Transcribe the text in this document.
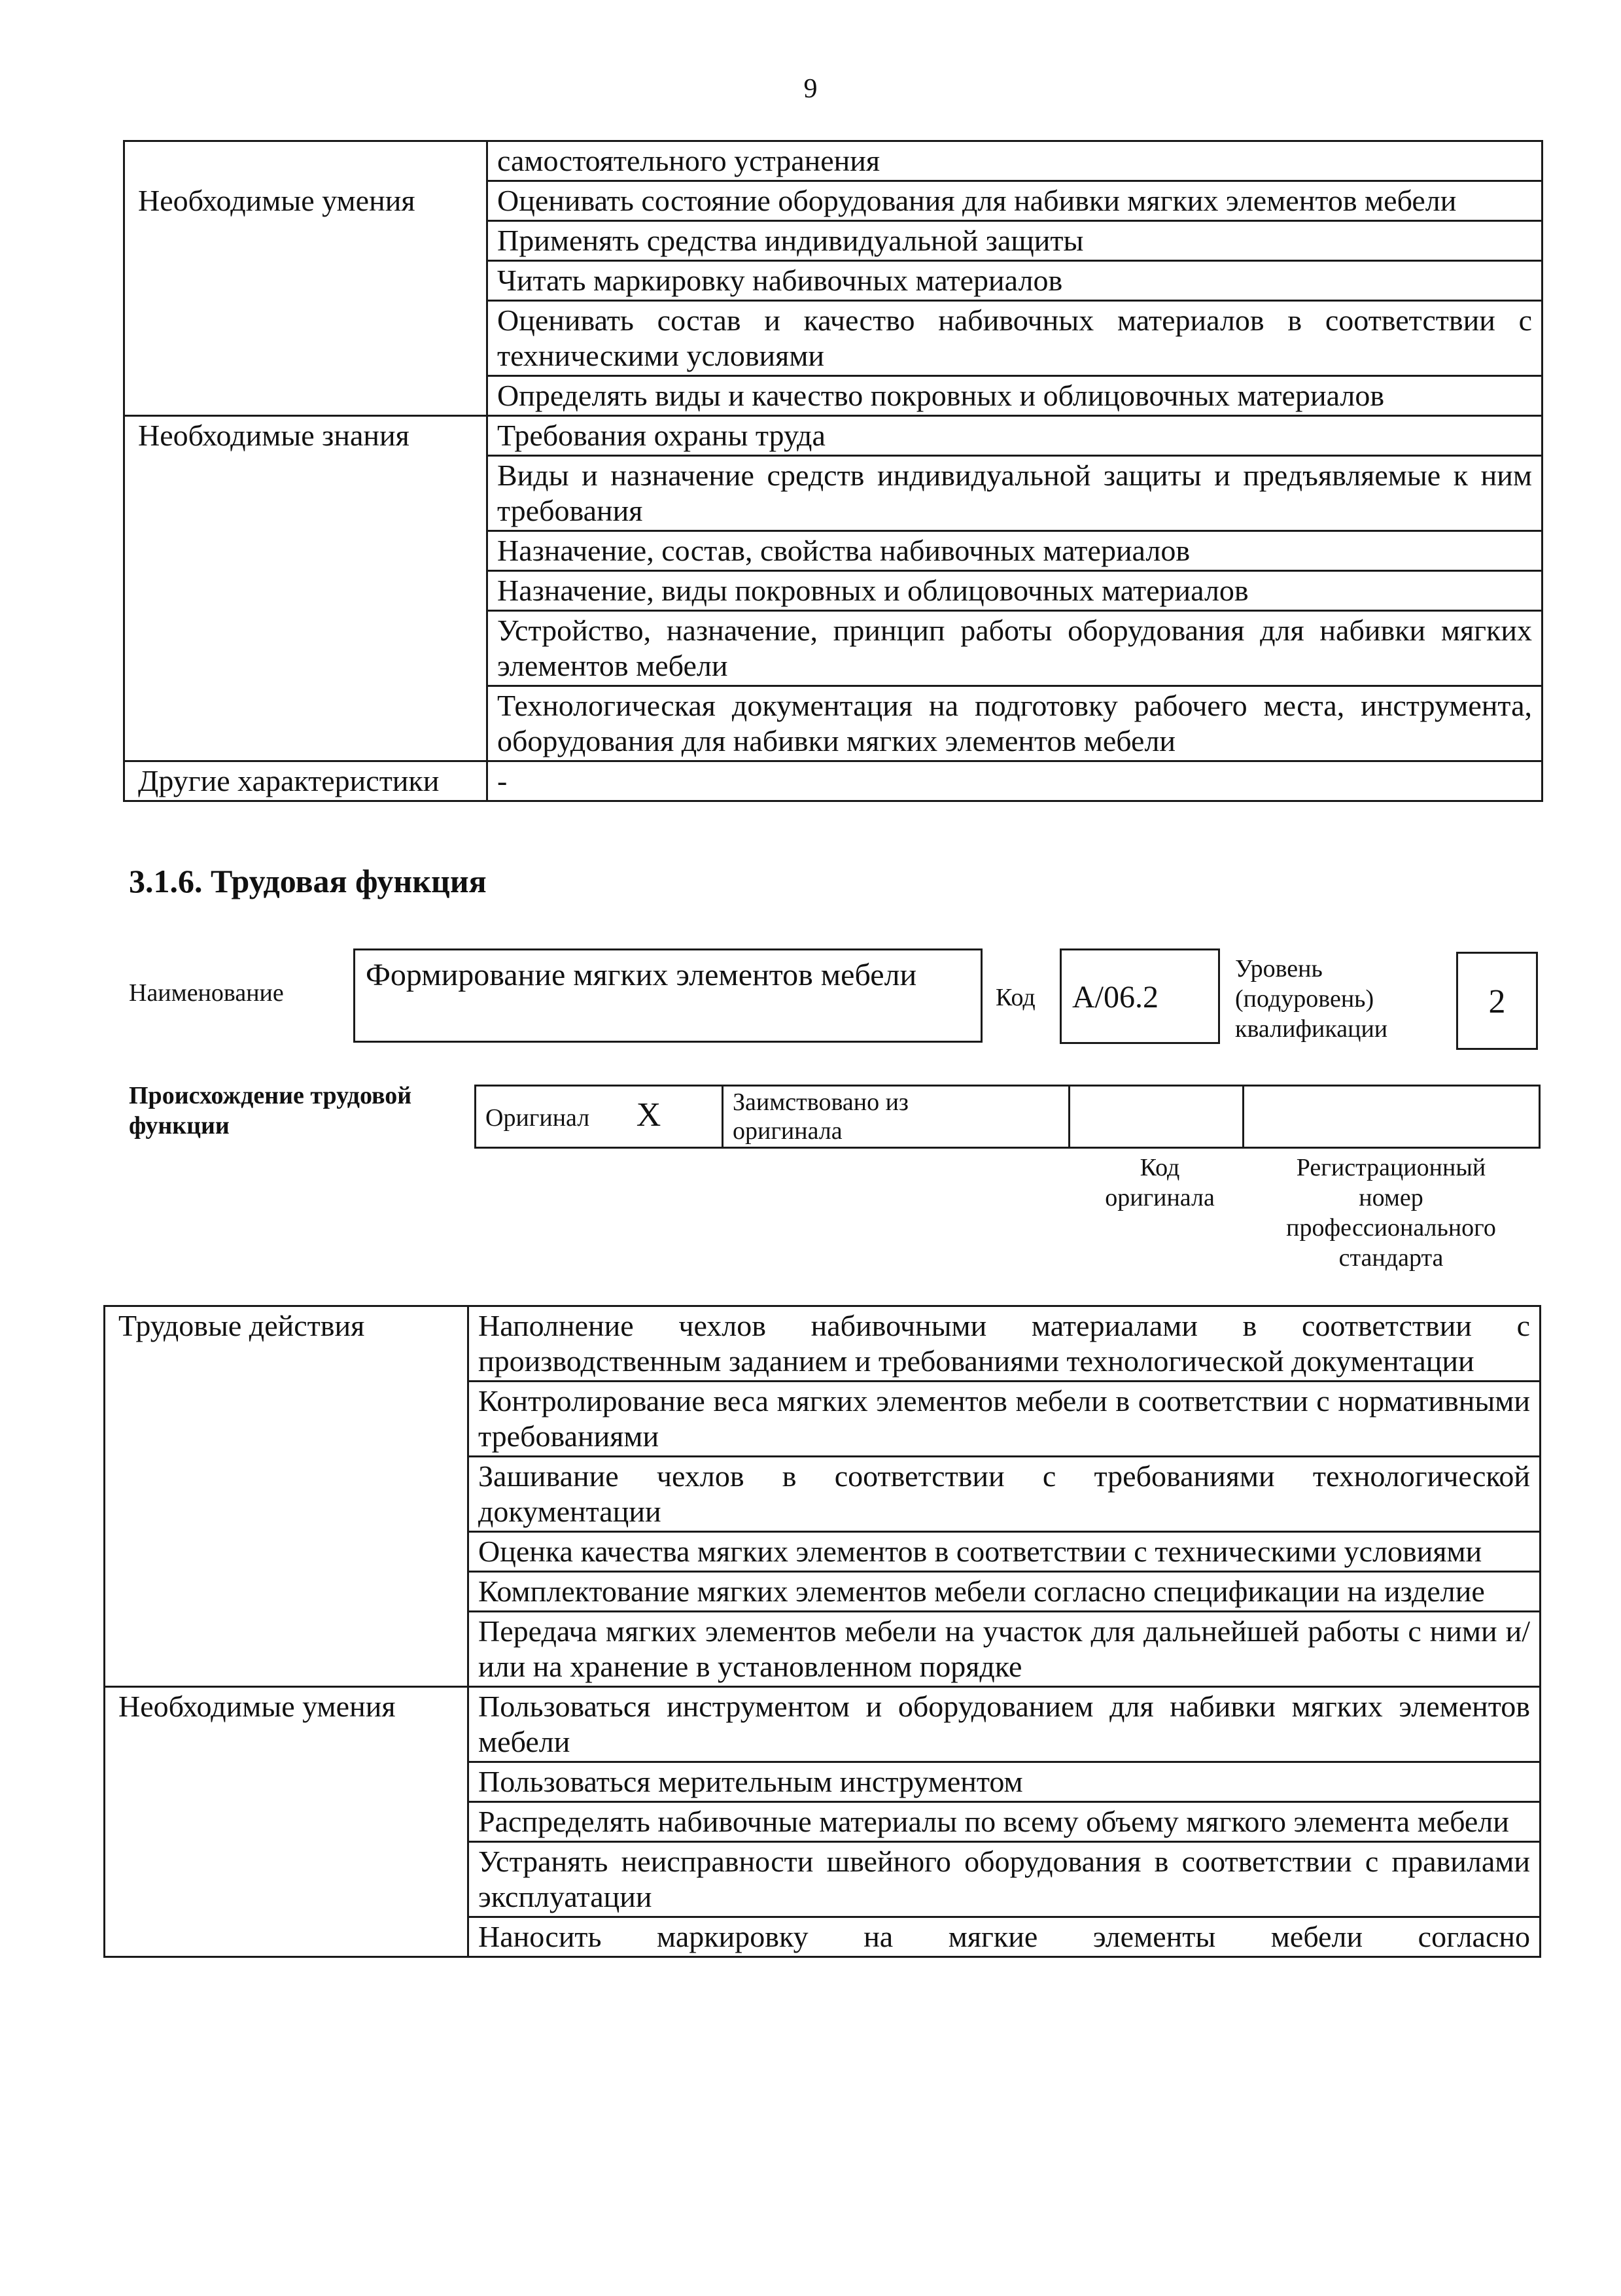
9
	самостоятельного устранения
Необходимые умения	Оценивать состояние оборудования для набивки мягких элементов мебели
	Применять средства индивидуальной защиты
	Читать маркировку набивочных материалов
	Оценивать состав и качество набивочных материалов в соответствии с техническими условиями
	Определять виды и качество покровных и облицовочных материалов
Необходимые знания	Требования охраны труда
	Виды и назначение средств индивидуальной защиты и предъявляемые к ним требования
	Назначение, состав, свойства набивочных материалов
	Назначение, виды покровных и облицовочных материалов
	Устройство, назначение, принцип работы оборудования для набивки мягких элементов мебели
	Технологическая документация на подготовку рабочего места, инструмента, оборудования для набивки мягких элементов мебели
Другие характеристики	-
3.1.6. Трудовая функция
Наименование
Формирование мягких элементов мебели
Код	А/06.2
Уровень
(подуровень)
квалификации
2
Происхождение трудовой
функции	Оригинал X	Заимствовано из
оригинала

Код
оригинала
Регистрационный
номер
профессионального
стандарта
Трудовые действия	Наполнение чехлов набивочными материалами в соответствии с производственным заданием и требованиями технологической документации
	Контролирование веса мягких элементов мебели в соответствии с нормативными требованиями
	Зашивание чехлов в соответствии с требованиями технологической документации
	Оценка качества мягких элементов в соответствии с техническими условиями
	Комплектование мягких элементов мебели согласно спецификации на изделие
	Передача мягких элементов мебели на участок для дальнейшей работы с ними и/или на хранение в установленном порядке
Необходимые умения	Пользоваться инструментом и оборудованием для набивки мягких элементов мебели
	Пользоваться мерительным инструментом
	Распределять набивочные материалы по всему объему мягкого элемента мебели
	Устранять неисправности швейного оборудования в соответствии с правилами эксплуатации
	Наносить маркировку на мягкие элементы мебели согласно
